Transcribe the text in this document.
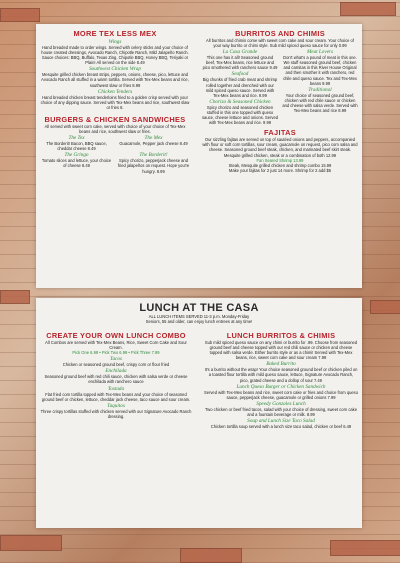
MORE TEX LESS MEX

Wings

Hand breaded made to order wings. Served with celery sticks and your choice of house created dressings, Avocado Ranch, Chipotle Ranch, Mild Jalapeño Ranch. Sauce choices: BBQ, Buffalo, Texas Zing, Chipotle BBQ, Honey BBQ, Teriyaki or Plain! All served on the side 8.49

Southwest Chicken Wrap

Mesquite grilled chicken breast strips, peppers, onions, cheese, pico, lettuce and Avocado Ranch all stuffed in a warm tortilla. Served with Tex-Mex beans and rice, southwest slaw or fries 8.99

Chicken Tenders

Hand breaded chicken breast tenderloins fried to a golden crisp served with your choice of any dipping sauce. Served with Tex-Mex beans and rice, southwest slaw or fries 8.

BURGERS & CHICKEN SANDWICHES

All served with sweet corn cake, served with choice of your choice of Tex-Mex beans and rice, southwest slaw or fries.

The Tex

The Borderit! Bacon, BBQ sauce, cheddar cheese 8.49

The Mex

Guacamole, Pepper jack cheese 8.49

The Gringo

Tomato slices and lettuce, your choice of cheese 8.49

The Borderit!

Spicy chorizo, pepperjack cheese and fried jalapeños on request. Hope you're hungry. 8.99

BURRITOS AND CHIMIS

All burritos and chimis come with sweet corn cake and sour cream. Your choice of your way burrito or chimi style. Sub mild spiced queso sauce for only 0.99

La Casa Grande

This one has it all! Seasoned ground beef, Tex-Mex beans, rice lettuce and pico smothered with ranchero sauce 9.49

Seafood

Big chunks of fried crab meat and shrimp rolled together and drenched with our mild spiced queso sauce. Served with Tex-Mex beans and rice. 9.99

Chorizo & Seasoned Chicken

Spicy chorizo and seasoned chicken stuffed in this one topped with queso sauce, cheese lettuce and onions. Served with Tex-Mex beans and rice. 9.99

Meat Lovers

Don't what's a pound of meat in this one. We stuff seasoned ground beef, chicken and carnitas in this River House Original and then smother it with ranchero, red chile and queso sauce. Tex and Tex-Mex beans 9.99

Traditional

Your choice of seasoned ground beef, chicken with red chile sauce or chicken and cheese with salsa verde. Served with Tex-Mex beans and rice 8.99

FAJITAS

Our sizzling fajitas are served on top of sautéed onions and peppers, accompanied with flour or soft corn tortillas, sour cream, guacamole on request, pico corn salsa and cheese. Seasoned ground beef steak, chicken, and marinated beef skirt steak. Mesquite grilled chicken, steak or a combination of both 12.99

Fan Seared Shrimp 13.99

Steak, Mesquite grilled chicken and shrimp combo 15.99

Make your fajitas for 2 just 14 more. Shrimp for 2 add $5

LUNCH AT THE CASA

ALL LUNCH ITEMS SERVED 11-3 p.m. Monday-Friday

Seniors, 55 and older, can enjoy lunch entrees at any time!

CREATE YOUR OWN LUNCH COMBO

All Combos are served with Tex-Mex Beans, Rice, Sweet Corn Cake and Sour Cream.

Pick One 6.99 • Pick Two 6.99 • Pick Three 7.99

Tacos

Chicken or seasoned ground beef, crispy corn or flour fried

Enchilada

Seasoned ground beef with red chili sauce, chicken with salsa verde or cheese enchilada with ranchero sauce

Tostada

Flat fried corn tortilla topped with Tex-Mex beans and your choice of seasoned ground beef or chicken, lettuce, cheddar jack cheese, taco sauce and sour cream.

Taquitos

Three crispy tortillas stuffed with chicken served with our Signature Avocado Ranch dressing.

LUNCH BURRITOS & CHIMIS

Sub mild spiced queso sauce on any chimi or burrito for .99. Choose from seasoned ground beef and cheese topped with our red chili sauce or chicken and cheese topped with salsa verde. Either burrito style or as a chimi! Served with Tex-Mex beans, rice, sweet corn cake and sour cream 7.99

Baked Burrito

It's a burrito without the wrap! Your choice seasoned ground beef or chicken piled on a toasted flour tortilla with mild queso sauce, lettuce, Signature Avocado Ranch, pico, grated cheese and a dollop of sour 7.49

Lunch Queso Burger or Chicken Sandwich

Served with Tex-Mex beans and rice, sweet corn cake or fries and choice from queso sauce, pepperjack cheese, guacamole or grilled onions 7.99

Speedy Gonzales Lunch

Two chicken or beef fried tacos, salad with your choice of dressing, sweet corn cake and a fountain beverage or milk. 8.99

Soup and Lunch Size Taco Salad

Chicken tortilla soup served with a lunch size taco salad, chicken or beef 6.49
